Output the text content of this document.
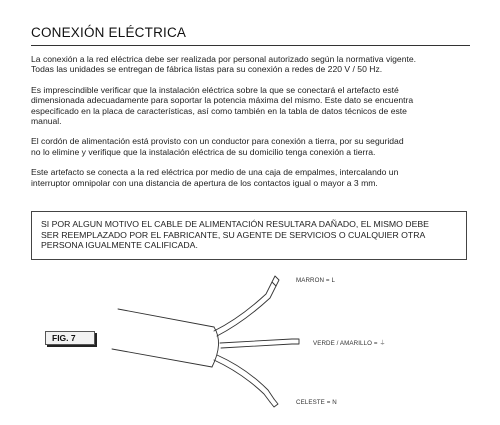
CONEXIÓN ELÉCTRICA

La conexión a la red eléctrica debe ser realizada por personal autorizado según la normativa vigente.
Todas las unidades se entregan de fábrica listas para su conexión a redes de 220 V / 50 Hz.

Es imprescindible verificar que la instalación eléctrica sobre la que se conectará el artefacto esté
dimensionada adecuadamente para soportar la potencia máxima del mismo. Este dato se encuentra
especificado en la placa de características, así como también en la tabla de datos técnicos de este
manual.

El cordón de alimentación está provisto con un conductor para conexión a tierra, por su seguridad
no lo elimine y verifique que la instalación eléctrica de su domicilio tenga conexión a tierra.

Este artefacto se conecta a la red eléctrica por medio de una caja de empalmes, intercalando un
interruptor omnipolar con una distancia de apertura de los contactos igual o mayor a 3 mm.

SI POR ALGUN MOTIVO EL CABLE DE ALIMENTACIÓN RESULTARA DAÑADO, EL MISMO DEBE
SER REEMPLAZADO POR EL FABRICANTE, SU AGENTE DE SERVICIOS O CUALQUIER OTRA
PERSONA IGUALMENTE CALIFICADA.
FIG. 7
MARRON = L
VERDE / AMARILLO = ⏚
CELESTE = N
